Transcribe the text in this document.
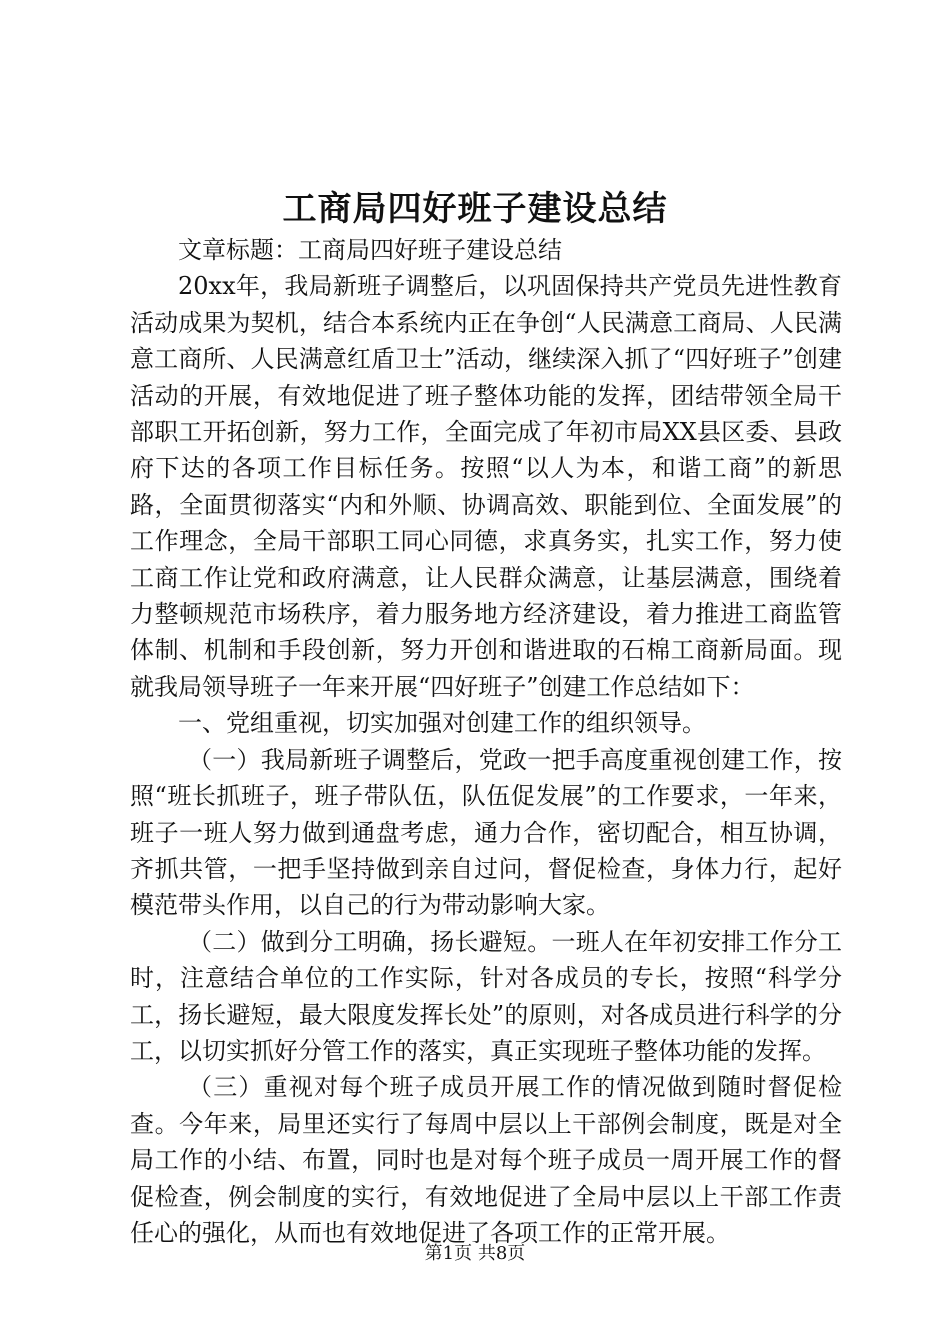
工商局四好班子建设总结

文章标题：工商局四好班子建设总结

20xx年，我局新班子调整后，以巩固保持共产党员先进性教育活动成果为契机，结合本系统内正在争创“人民满意工商局、人民满意工商所、人民满意红盾卫士”活动，继续深入抓了“四好班子”创建活动的开展，有效地促进了班子整体功能的发挥，团结带领全局干部职工开拓创新，努力工作，全面完成了年初市局XX县区委、县政府下达的各项工作目标任务。按照“以人为本，和谐工商”的新思路，全面贯彻落实“内和外顺、协调高效、职能到位、全面发展”的工作理念，全局干部职工同心同德，求真务实，扎实工作，努力使工商工作让党和政府满意，让人民群众满意，让基层满意，围绕着力整顿规范市场秩序，着力服务地方经济建设，着力推进工商监管体制、机制和手段创新，努力开创和谐进取的石棉工商新局面。现就我局领导班子一年来开展“四好班子”创建工作总结如下：

一、党组重视，切实加强对创建工作的组织领导。

（一）我局新班子调整后，党政一把手高度重视创建工作，按照“班长抓班子，班子带队伍，队伍促发展”的工作要求，一年来，班子一班人努力做到通盘考虑，通力合作，密切配合，相互协调，齐抓共管，一把手坚持做到亲自过问，督促检查，身体力行，起好模范带头作用，以自己的行为带动影响大家。

（二）做到分工明确，扬长避短。一班人在年初安排工作分工时，注意结合单位的工作实际，针对各成员的专长，按照“科学分工，扬长避短，最大限度发挥长处”的原则，对各成员进行科学的分工，以切实抓好分管工作的落实，真正实现班子整体功能的发挥。

（三）重视对每个班子成员开展工作的情况做到随时督促检查。今年来，局里还实行了每周中层以上干部例会制度，既是对全局工作的小结、布置，同时也是对每个班子成员一周开展工作的督促检查，例会制度的实行，有效地促进了全局中层以上干部工作责任心的强化，从而也有效地促进了各项工作的正常开展。

第1页 共8页
